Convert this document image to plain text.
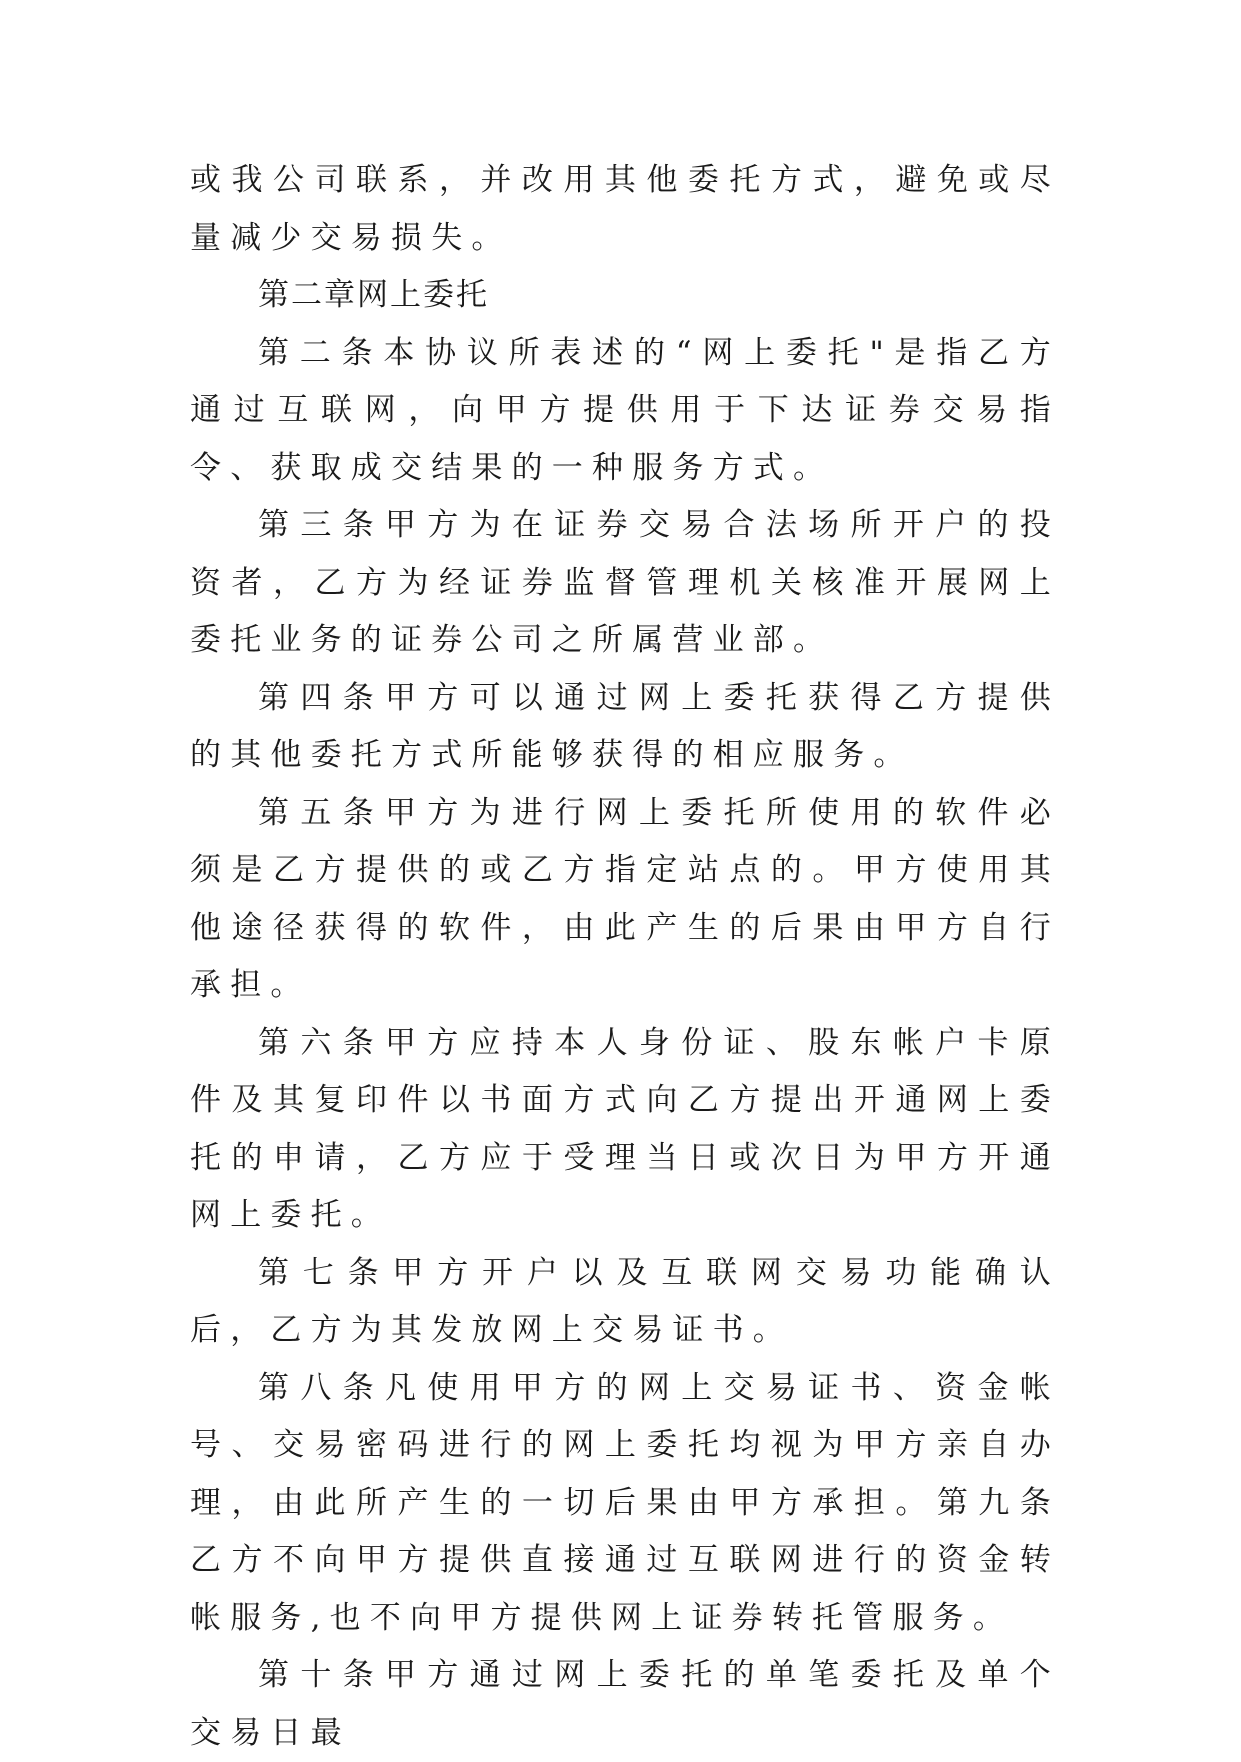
或我公司联系，并改用其他委托方式，避免或尽量减少交易损失。

第二章网上委托

第二条本协议所表述的“网上委托"是指乙方通过互联网，向甲方提供用于下达证券交易指令、获取成交结果的一种服务方式。

第三条甲方为在证券交易合法场所开户的投资者，乙方为经证券监督管理机关核准开展网上委托业务的证券公司之所属营业部。

第四条甲方可以通过网上委托获得乙方提供的其他委托方式所能够获得的相应服务。

第五条甲方为进行网上委托所使用的软件必须是乙方提供的或乙方指定站点的。甲方使用其他途径获得的软件，由此产生的后果由甲方自行承担。

第六条甲方应持本人身份证、股东帐户卡原件及其复印件以书面方式向乙方提出开通网上委托的申请，乙方应于受理当日或次日为甲方开通网上委托。

第七条甲方开户以及互联网交易功能确认后，乙方为其发放网上交易证书。

第八条凡使用甲方的网上交易证书、资金帐号、交易密码进行的网上委托均视为甲方亲自办理，由此所产生的一切后果由甲方承担。第九条乙方不向甲方提供直接通过互联网进行的资金转帐服务,也不向甲方提供网上证券转托管服务。

第十条甲方通过网上委托的单笔委托及单个交易日最
